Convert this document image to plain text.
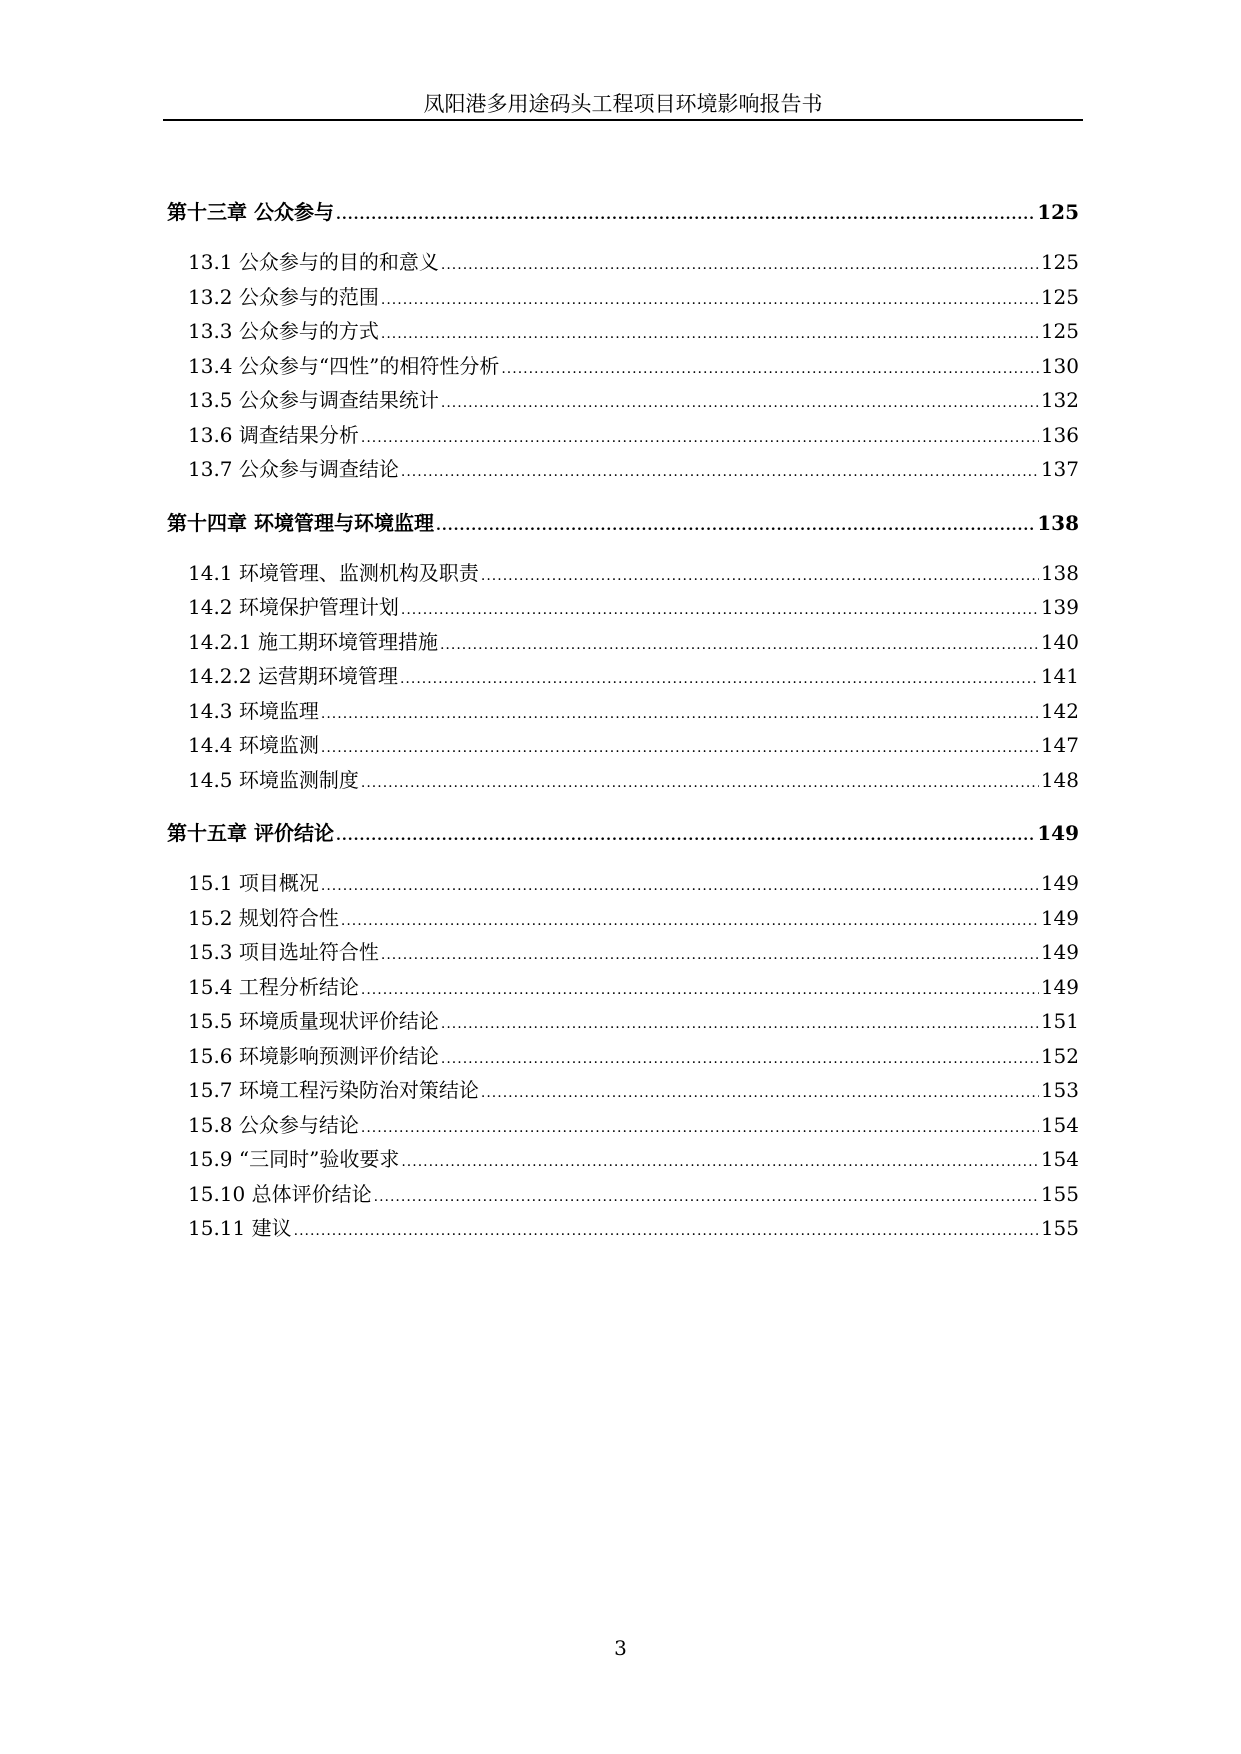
凤阳港多用途码头工程项目环境影响报告书
第十三章 公众参与 .....	125
13.1 公众参与的目的和意义 .....	125
13.2 公众参与的范围 .....	125
13.3 公众参与的方式 .....	125
13.4 公众参与“四性”的相符性分析 .....	130
13.5 公众参与调查结果统计 .....	132
13.6 调查结果分析 .....	136
13.7 公众参与调查结论 .....	137
第十四章 环境管理与环境监理 .....	138
14.1 环境管理、监测机构及职责 .....	138
14.2 环境保护管理计划 .....	139
14.2.1 施工期环境管理措施 .....	140
14.2.2 运营期环境管理 .....	141
14.3 环境监理 .....	142
14.4 环境监测 .....	147
14.5 环境监测制度 .....	148
第十五章 评价结论 .....	149
15.1 项目概况 .....	149
15.2 规划符合性 .....	149
15.3 项目选址符合性 .....	149
15.4 工程分析结论 .....	149
15.5 环境质量现状评价结论 .....	151
15.6 环境影响预测评价结论 .....	152
15.7 环境工程污染防治对策结论 .....	153
15.8 公众参与结论 .....	154
15.9 “三同时”验收要求 .....	154
15.10 总体评价结论 .....	155
15.11 建议 .....	155
3
